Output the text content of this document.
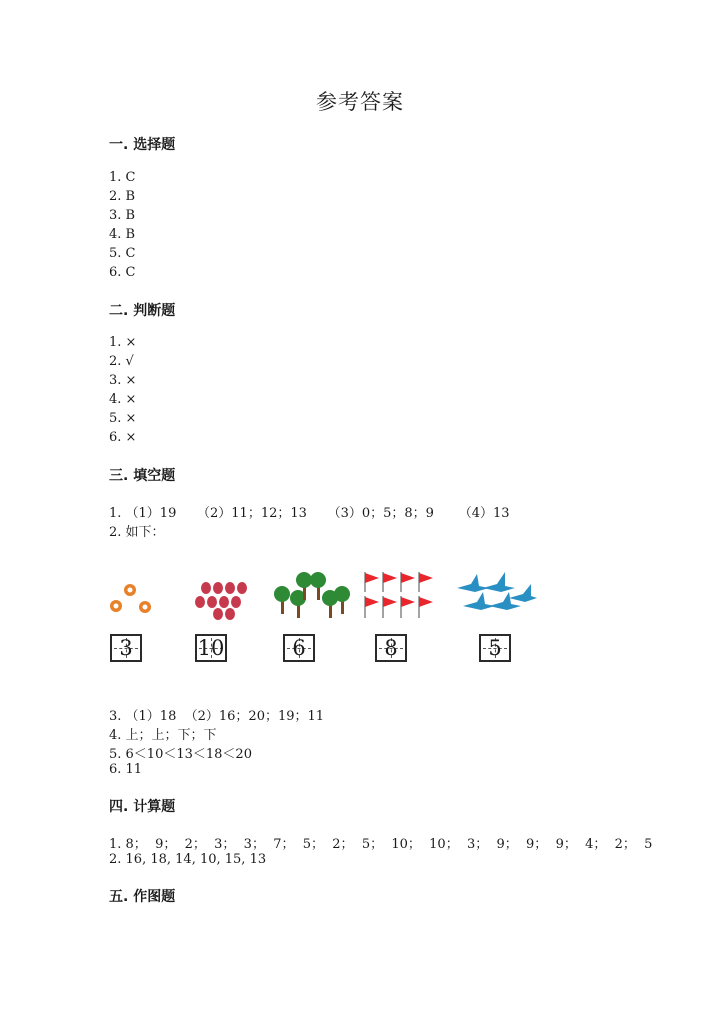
参考答案
一. 选择题
1. C
2. B
3. B
4. B
5. C
6. C
二. 判断题
1. ×
2. √
3. ×
4. ×
5. ×
6. ×
三. 填空题
1. （1）19     （2）11；12；13     （3）0；5；8；9      （4）13
2. 如下：
3	10	6	8	5
3. （1）18  （2）16；20；19；11
4. 上；上；下；下
5. 6＜10＜13＜18＜20
6. 11
四. 计算题
1. 8；  9；  2；  3；  3；  7；  5；  2；  5；  10；  10；  3；  9；  9；  9；  4；  2；  5
2. 16, 18, 14, 10, 15, 13
五. 作图题
